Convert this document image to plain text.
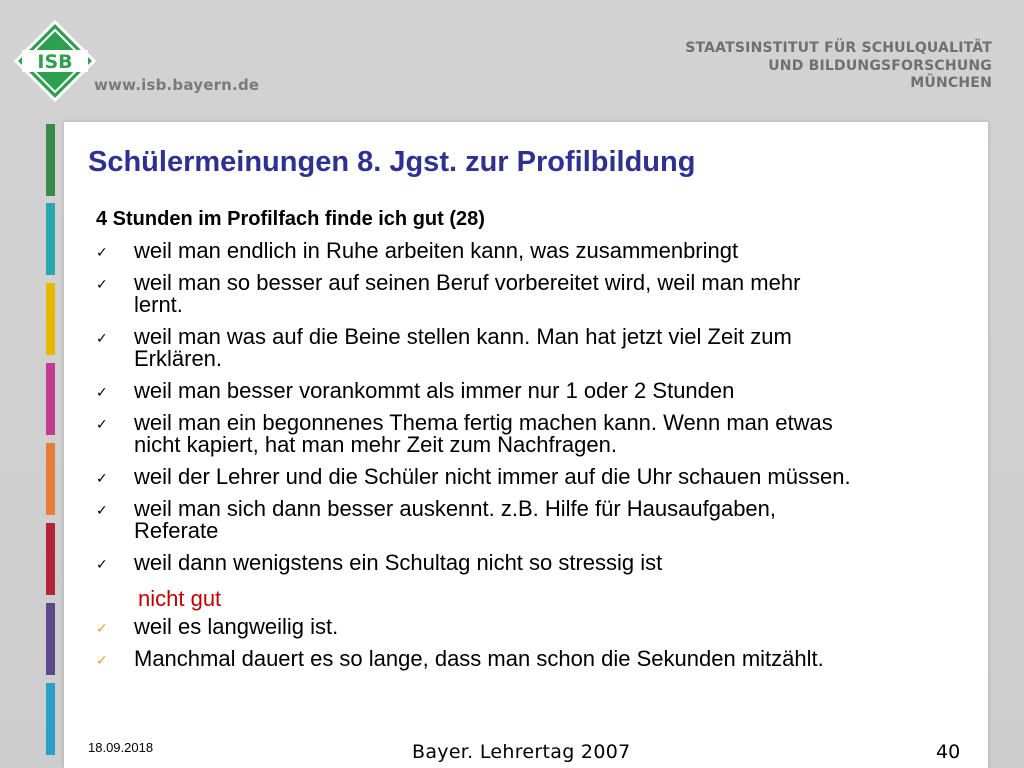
ISB
www.isb.bayern.de
STAATSINSTITUT FÜR SCHULQUALITÄT
UND BILDUNGSFORSCHUNG
MÜNCHEN
Schülermeinungen 8. Jgst. zur Profilbildung
4 Stunden im Profilfach finde ich gut (28)
✓ weil man endlich in Ruhe arbeiten kann, was zusammenbringt
✓ weil man so besser auf seinen Beruf vorbereitet wird, weil man mehr
lernt.
✓ weil man was auf die Beine stellen kann. Man hat jetzt viel Zeit zum
Erklären.
✓ weil man besser vorankommt als immer nur 1 oder 2 Stunden
✓ weil man ein begonnenes Thema fertig machen kann. Wenn man etwas
nicht kapiert, hat man mehr Zeit zum Nachfragen.
✓ weil der Lehrer und die Schüler nicht immer auf die Uhr schauen müssen.
✓ weil man sich dann besser auskennt. z.B. Hilfe für Hausaufgaben,
Referate
✓ weil dann wenigstens ein Schultag nicht so stressig ist
nicht gut
✓ weil es langweilig ist.
✓ Manchmal dauert es so lange, dass man schon die Sekunden mitzählt.
18.09.2018	Bayer. Lehrertag 2007	40
